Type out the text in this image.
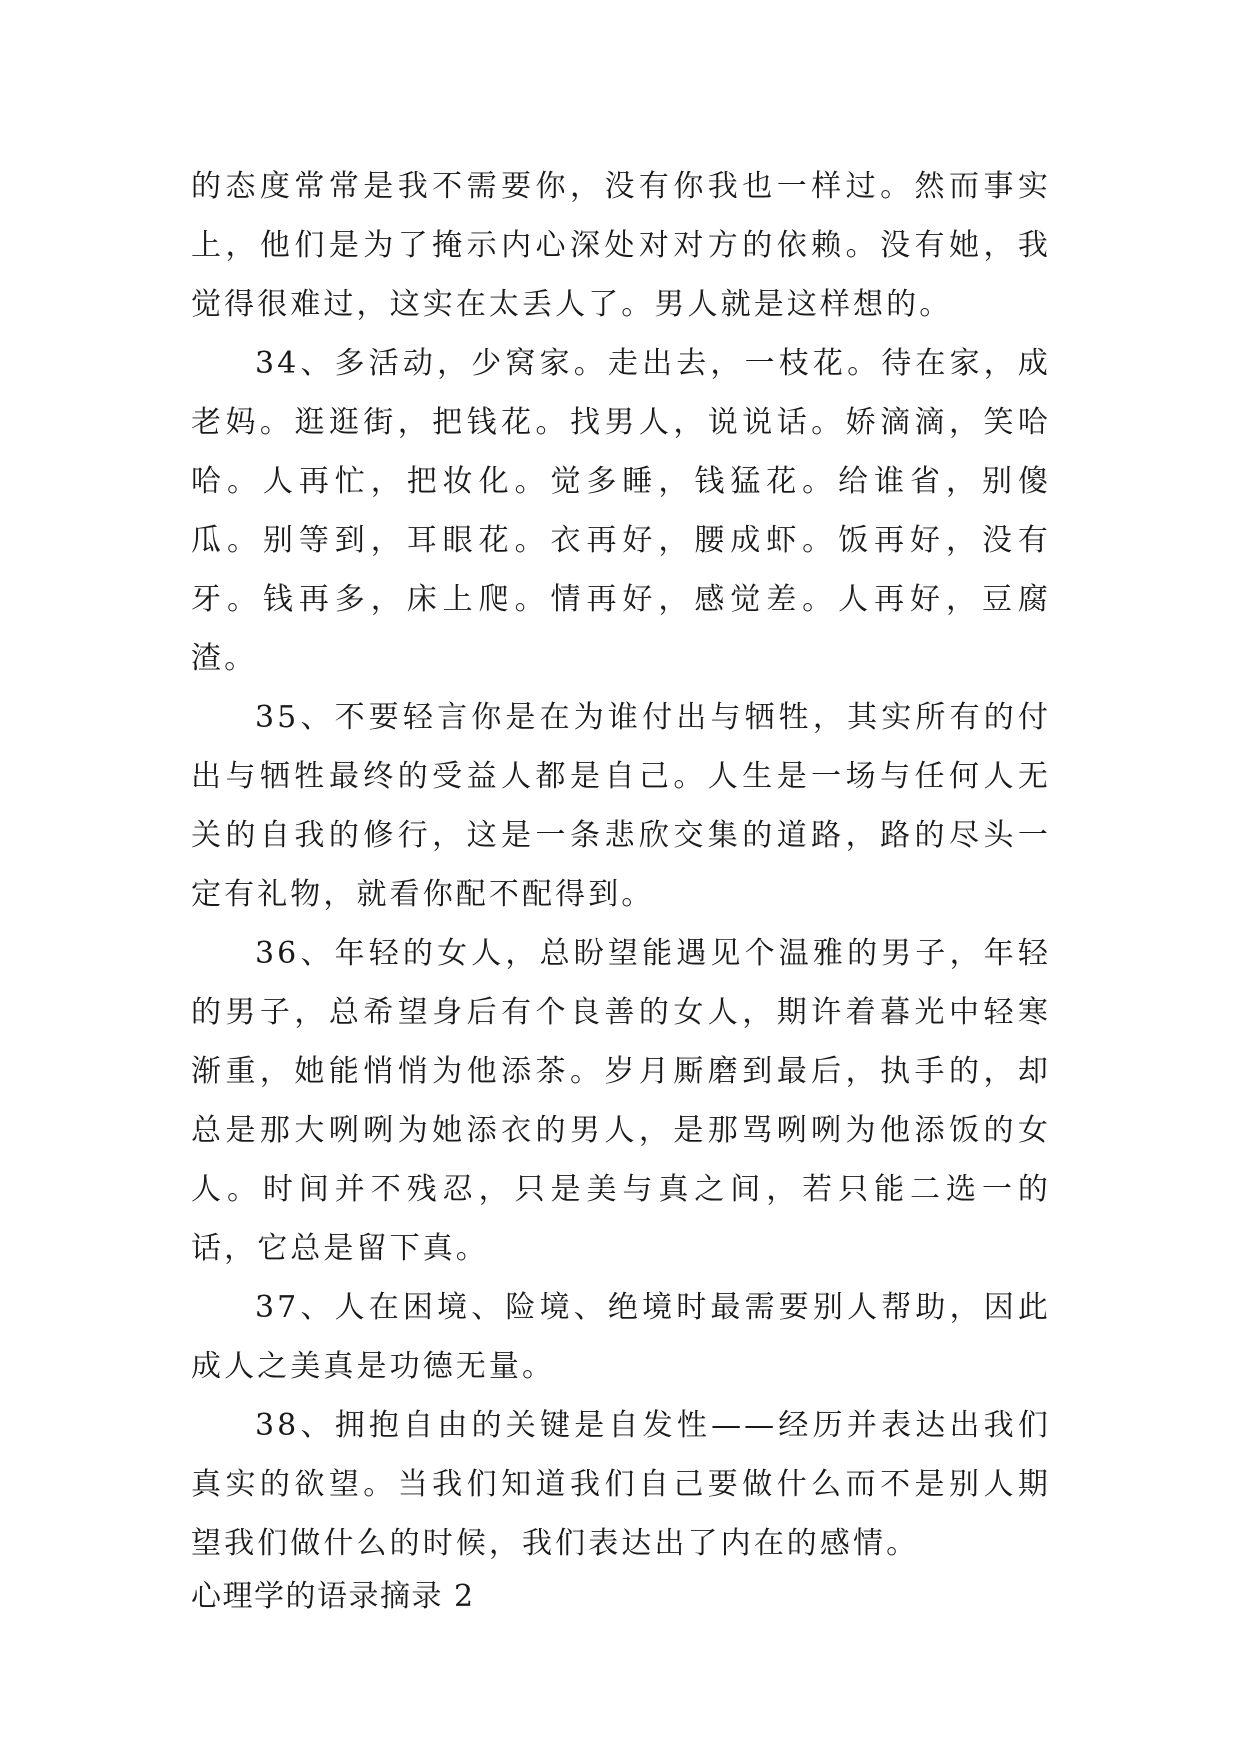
的态度常常是我不需要你，没有你我也一样过。然而事实上，他们是为了掩示内心深处对对方的依赖。没有她，我觉得很难过，这实在太丢人了。男人就是这样想的。

34、多活动，少窝家。走出去，一枝花。待在家，成老妈。逛逛街，把钱花。找男人，说说话。娇滴滴，笑哈哈。人再忙，把妆化。觉多睡，钱猛花。给谁省，别傻瓜。别等到，耳眼花。衣再好，腰成虾。饭再好，没有牙。钱再多，床上爬。情再好，感觉差。人再好，豆腐渣。

35、不要轻言你是在为谁付出与牺牲，其实所有的付出与牺牲最终的受益人都是自己。人生是一场与任何人无关的自我的修行，这是一条悲欣交集的道路，路的尽头一定有礼物，就看你配不配得到。

36、年轻的女人，总盼望能遇见个温雅的男子，年轻的男子，总希望身后有个良善的女人，期许着暮光中轻寒渐重，她能悄悄为他添茶。岁月厮磨到最后，执手的，却总是那大咧咧为她添衣的男人，是那骂咧咧为他添饭的女人。时间并不残忍，只是美与真之间，若只能二选一的话，它总是留下真。

37、人在困境、险境、绝境时最需要别人帮助，因此成人之美真是功德无量。

38、拥抱自由的关键是自发性——经历并表达出我们真实的欲望。当我们知道我们自己要做什么而不是别人期望我们做什么的时候，我们表达出了内在的感情。

心理学的语录摘录 2
